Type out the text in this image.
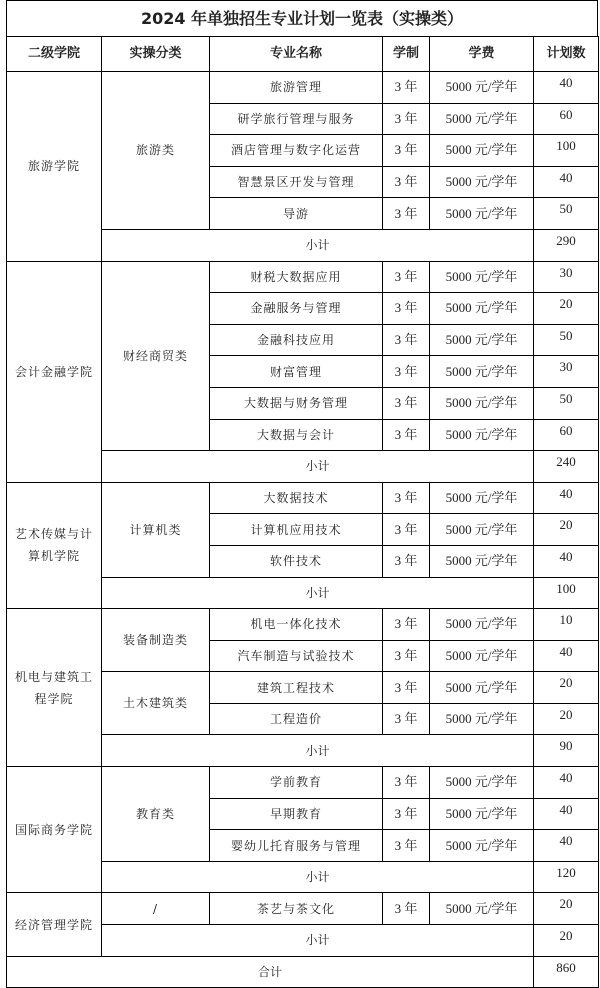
2024 年单独招生专业计划一览表（实操类）
二级学院	实操分类	专业名称	学制	学费	计划数
旅游学院	旅游类	旅游管理	3 年	5000 元/学年	40
		研学旅行管理与服务	3 年	5000 元/学年	60
		酒店管理与数字化运营	3 年	5000 元/学年	100
		智慧景区开发与管理	3 年	5000 元/学年	40
		导游	3 年	5000 元/学年	50
	小计				290
会计金融学院	财经商贸类	财税大数据应用	3 年	5000 元/学年	30
		金融服务与管理	3 年	5000 元/学年	20
		金融科技应用	3 年	5000 元/学年	50
		财富管理	3 年	5000 元/学年	30
		大数据与财务管理	3 年	5000 元/学年	50
		大数据与会计	3 年	5000 元/学年	60
	小计				240
艺术传媒与计算机学院	计算机类	大数据技术	3 年	5000 元/学年	40
		计算机应用技术	3 年	5000 元/学年	20
		软件技术	3 年	5000 元/学年	40
	小计				100
机电与建筑工程学院	装备制造类	机电一体化技术	3 年	5000 元/学年	10
		汽车制造与试验技术	3 年	5000 元/学年	40
	土木建筑类	建筑工程技术	3 年	5000 元/学年	20
		工程造价	3 年	5000 元/学年	20
	小计				90
国际商务学院	教育类	学前教育	3 年	5000 元/学年	40
		早期教育	3 年	5000 元/学年	40
		婴幼儿托育服务与管理	3 年	5000 元/学年	40
	小计				120
经济管理学院	/	茶艺与茶文化	3 年	5000 元/学年	20
	小计				20
合计					860
